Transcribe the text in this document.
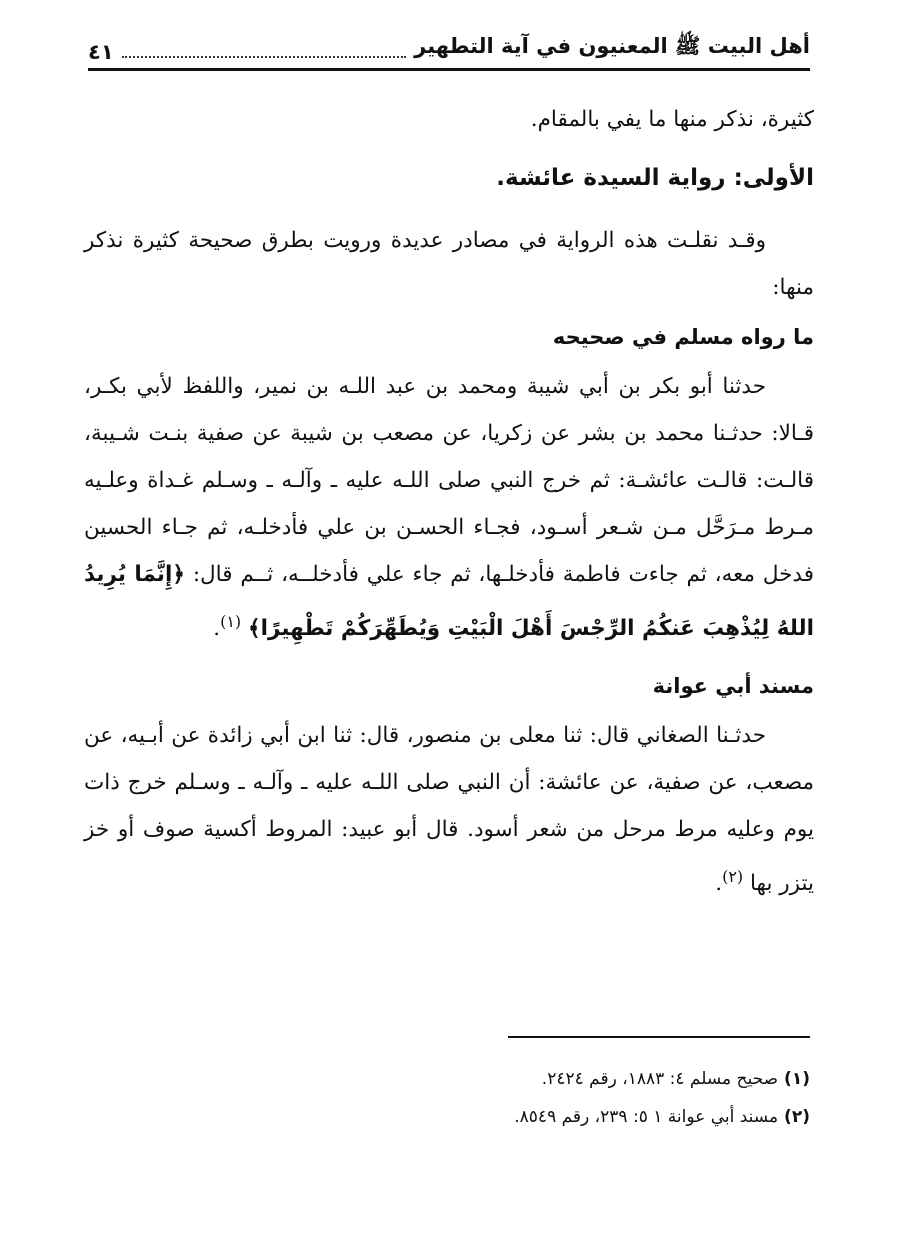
أهل البيت ﷺ المعنيون في آية التطهير
٤١

كثيرة، نذكر منها ما يفي بالمقام.

الأولى: رواية السيدة عائشة.

وقـد نقلـت هذه الرواية في مصادر عديدة ورويت بطرق صحيحة كثيرة نذكر منها:

ما رواه مسلم في صحيحه

حدثنا أبو بكر بن أبي شيبة ومحمد بن عبد اللـه بن نمير، واللفظ لأبي بكـر، قـالا: حدثـنا محمد بن بشر عن زكريا، عن مصعب بن شيبة عن صفية بنـت شـيبة، قالـت: قالـت عائشـة: ثم خرج النبي صلى اللـه عليه ـ وآلـه ـ وسـلم غـداة وعلـيه مـرط مـرَحَّل مـن شـعر أسـود، فجـاء الحسـن بن علي فأدخلـه، ثم جـاء الحسين فدخل معه، ثم جاءت فاطمة فأدخلـها، ثم جاء علي فأدخلــه، ثــم قال: ﴿إِنَّمَا يُرِيدُ اللهُ لِيُذْهِبَ عَنكُمُ الرِّجْسَ أَهْلَ الْبَيْتِ وَيُطَهِّرَكُمْ تَطْهِيرًا﴾ $^{(١)}$.

مسند أبي عوانة

حدثـنا الصغاني قال: ثنا معلى بن منصور، قال: ثنا ابن أبي زائدة عن أبـيه، عن مصعب، عن صفية، عن عائشة: أن النبي صلى اللـه عليه ـ وآلـه ـ وسـلم خرج ذات يوم وعليه مرط مرحل من شعر أسود. قال أبو عبيد: المروط أكسية صوف أو خز يتزر بها $^{(٢)}$.

(١)صحيح مسلم ٤: ١٨٨٣، رقم ٢٤٢٤.

(٢)مسند أبي عوانة ١ ٥: ٢٣٩، رقم ٨٥٤٩.
